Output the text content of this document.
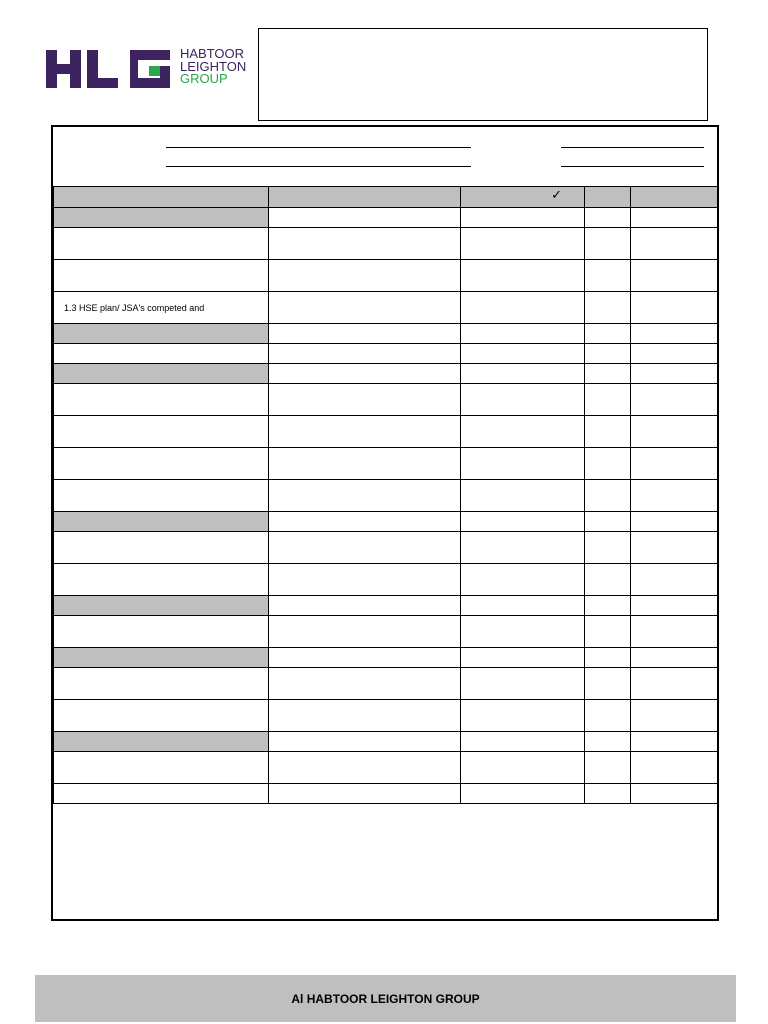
HABTOOR
LEIGHTON
GROUP

		✓		

1.3 HSE plan/ JSA's competed and				

Al HABTOOR LEIGHTON GROUP
